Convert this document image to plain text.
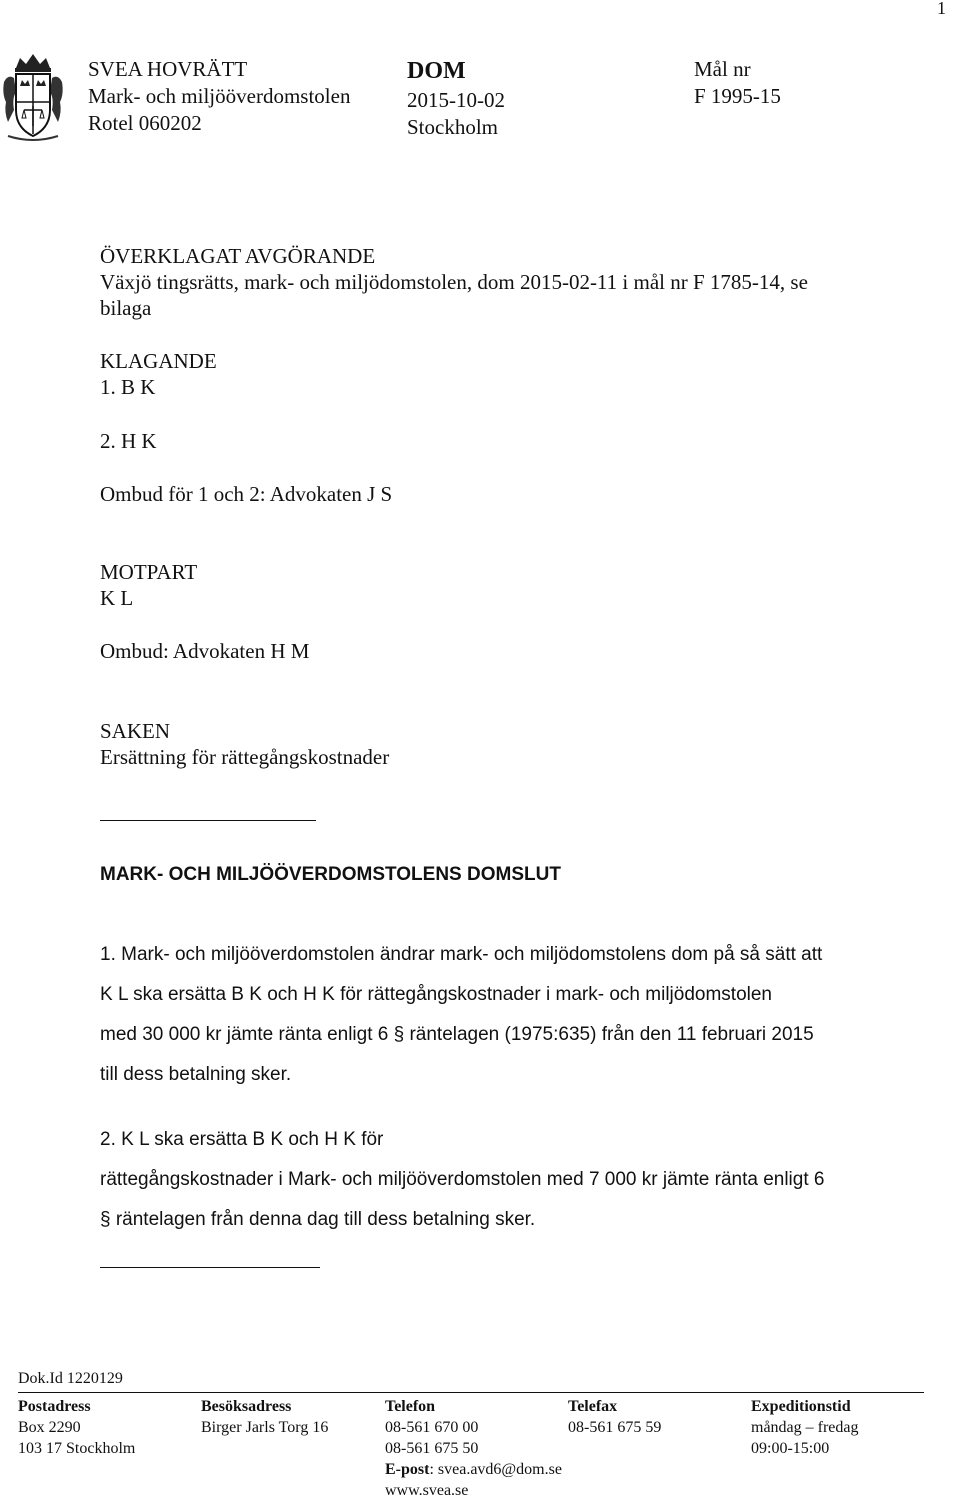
1
SVEA HOVRÄTT
Mark- och miljööverdomstolen
Rotel 060202
DOM
2015-10-02
Stockholm
Mål nr
F 1995-15
ÖVERKLAGAT AVGÖRANDE
Växjö tingsrätts, mark- och miljödomstolen, dom 2015-02-11 i mål nr F 1785-14, se
bilaga
KLAGANDE
1. B K
2. H K
Ombud för 1 och 2: Advokaten J S
MOTPART
K L
Ombud: Advokaten H M
SAKEN
Ersättning för rättegångskostnader
MARK- OCH MILJÖÖVERDOMSTOLENS DOMSLUT
1. Mark- och miljööverdomstolen ändrar mark- och miljödomstolens dom på så sätt att
K L ska ersätta B K och H K för rättegångskostnader i mark- och miljödomstolen
med 30 000 kr jämte ränta enligt 6 § räntelagen (1975:635) från den 11 februari 2015
till dess betalning sker.
2. K L ska ersätta B K och H K för
rättegångskostnader i Mark- och miljööverdomstolen med 7 000 kr jämte ränta enligt 6
§ räntelagen från denna dag till dess betalning sker.
Dok.Id 1220129
Postadress
Box 2290
103 17 Stockholm
Besöksadress
Birger Jarls Torg 16
Telefon
08-561 670 00
08-561 675 50
E-post: svea.avd6@dom.se
www.svea.se
Telefax
08-561 675 59
Expeditionstid
måndag – fredag
09:00-15:00
